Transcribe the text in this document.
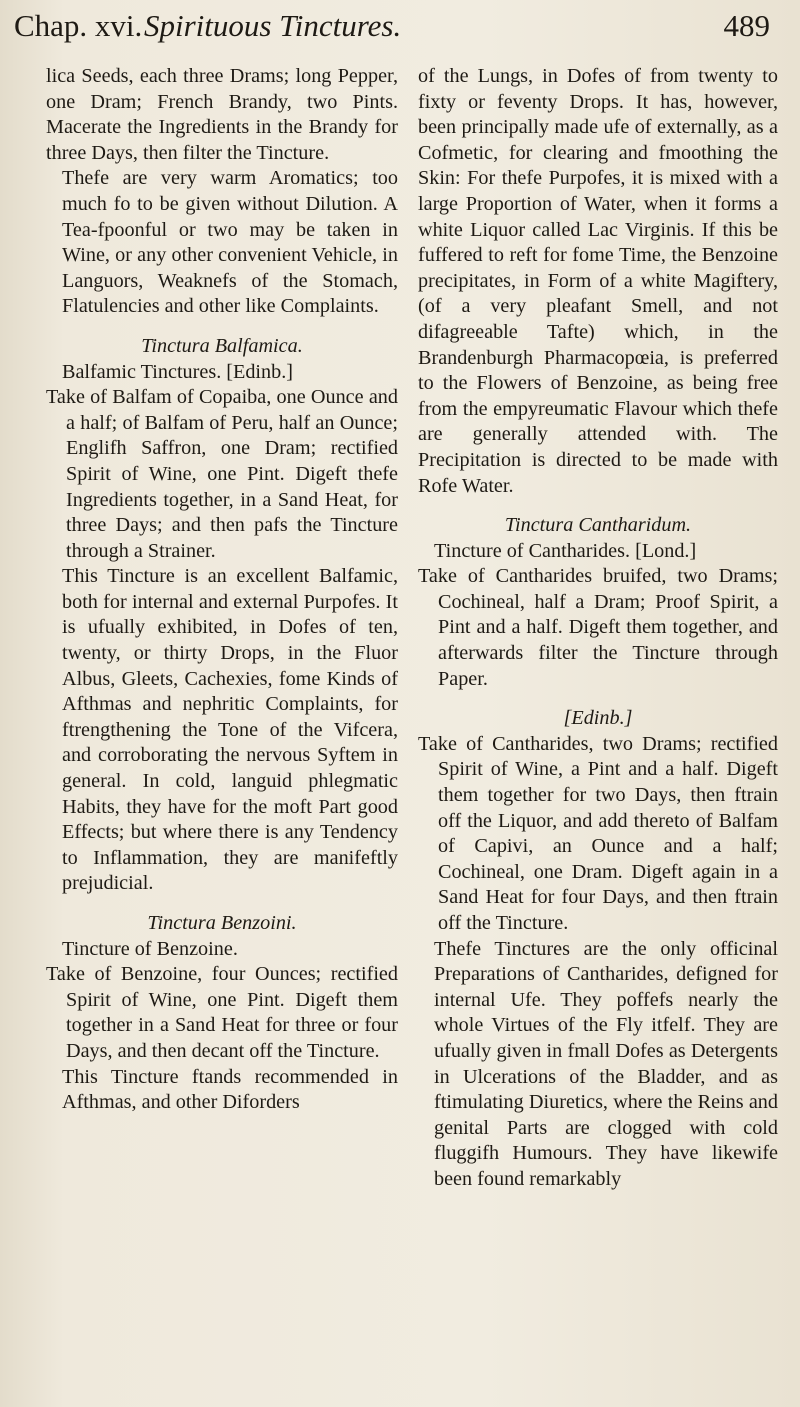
Chap. xvi. Spirituous Tinctures.	489

lica Seeds, each three Drams; long Pepper, one Dram; French Brandy, two Pints. Macerate the Ingredients in the Brandy for three Days, then filter the Tincture.

Thefe are very warm Aromatics; too much fo to be given without Dilution. A Tea-fpoonful or two may be taken in Wine, or any other convenient Vehicle, in Languors, Weaknefs of the Stomach, Flatulencies and other like Complaints.

Tinctura Balfamica.

Balfamic Tinctures. [Edinb.]

Take of Balfam of Copaiba, one Ounce and a half; of Balfam of Peru, half an Ounce; Englifh Saffron, one Dram; rectified Spirit of Wine, one Pint. Digeft thefe Ingredients together, in a Sand Heat, for three Days; and then pafs the Tincture through a Strainer.

This Tincture is an excellent Balfamic, both for internal and external Purpofes. It is ufually exhibited, in Dofes of ten, twenty, or thirty Drops, in the Fluor Albus, Gleets, Cachexies, fome Kinds of Afthmas and nephritic Complaints, for ftrengthening the Tone of the Vifcera, and corroborating the nervous Syftem in general. In cold, languid phlegmatic Habits, they have for the moft Part good Effects; but where there is any Tendency to Inflammation, they are manifeftly prejudicial.

Tinctura Benzoini.

Tincture of Benzoine.

Take of Benzoine, four Ounces; rectified Spirit of Wine, one Pint. Digeft them together in a Sand Heat for three or four Days, and then decant off the Tincture.

This Tincture ftands recommended in Afthmas, and other Diforders

of the Lungs, in Dofes of from twenty to fixty or feventy Drops. It has, however, been principally made ufe of externally, as a Cofmetic, for clearing and fmoothing the Skin: For thefe Purpofes, it is mixed with a large Proportion of Water, when it forms a white Liquor called Lac Virginis. If this be fuffered to reft for fome Time, the Benzoine precipitates, in Form of a white Magiftery, (of a very pleafant Smell, and not difagreeable Tafte) which, in the Brandenburgh Pharmacopœia, is preferred to the Flowers of Benzoine, as being free from the empyreumatic Flavour which thefe are generally attended with. The Precipitation is directed to be made with Rofe Water.

Tinctura Cantharidum.

Tincture of Cantharides. [Lond.]

Take of Cantharides bruifed, two Drams; Cochineal, half a Dram; Proof Spirit, a Pint and a half. Digeft them together, and afterwards filter the Tincture through Paper.

[Edinb.]

Take of Cantharides, two Drams; rectified Spirit of Wine, a Pint and a half. Digeft them together for two Days, then ftrain off the Liquor, and add thereto of Balfam of Capivi, an Ounce and a half; Cochineal, one Dram. Digeft again in a Sand Heat for four Days, and then ftrain off the Tincture.

Thefe Tinctures are the only officinal Preparations of Cantharides, defigned for internal Ufe. They poffefs nearly the whole Virtues of the Fly itfelf. They are ufually given in fmall Dofes as Detergents in Ulcerations of the Bladder, and as ftimulating Diuretics, where the Reins and genital Parts are clogged with cold fluggifh Humours. They have likewife been found remarkably
